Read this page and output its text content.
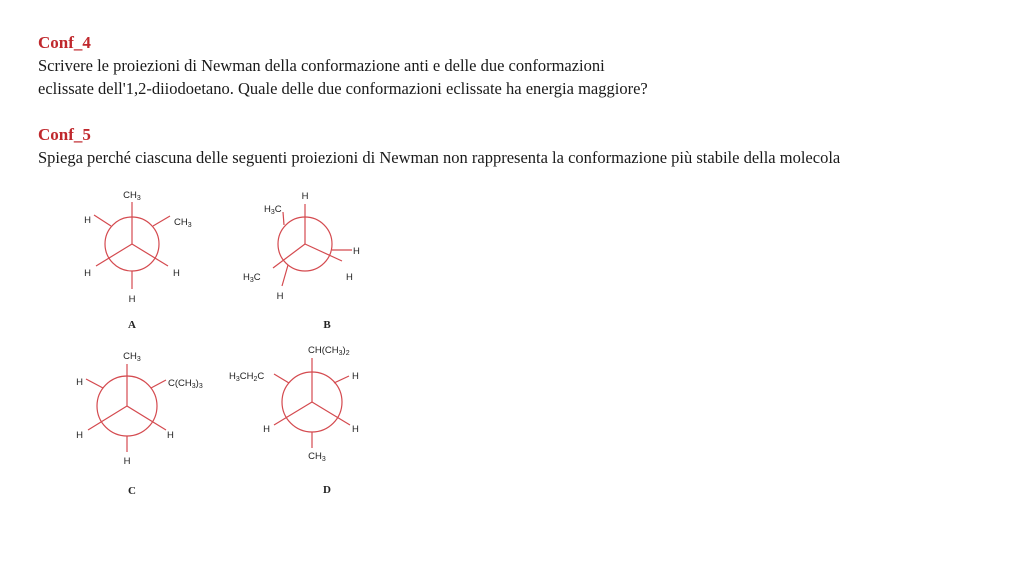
Conf_4
Scrivere le proiezioni di Newman della conformazione anti e delle due conformazioni
eclissate dell'1,2-diiodoetano. Quale delle due conformazioni eclissate ha energia maggiore?
Conf_5
Spiega perché ciascuna delle seguenti proiezioni di Newman non rappresenta la conformazione più stabile della molecola
$CH_3$
H	$CH_3$
H	H
H
A
H
$H_3C$
H
$H_3C$	H
H
B
$CH_3$
H	$C(CH_3)_3$
H	H
H
C
$CH(CH_3)_2$
$H_3CH_2C$	H
H	H
$CH_3$
D
